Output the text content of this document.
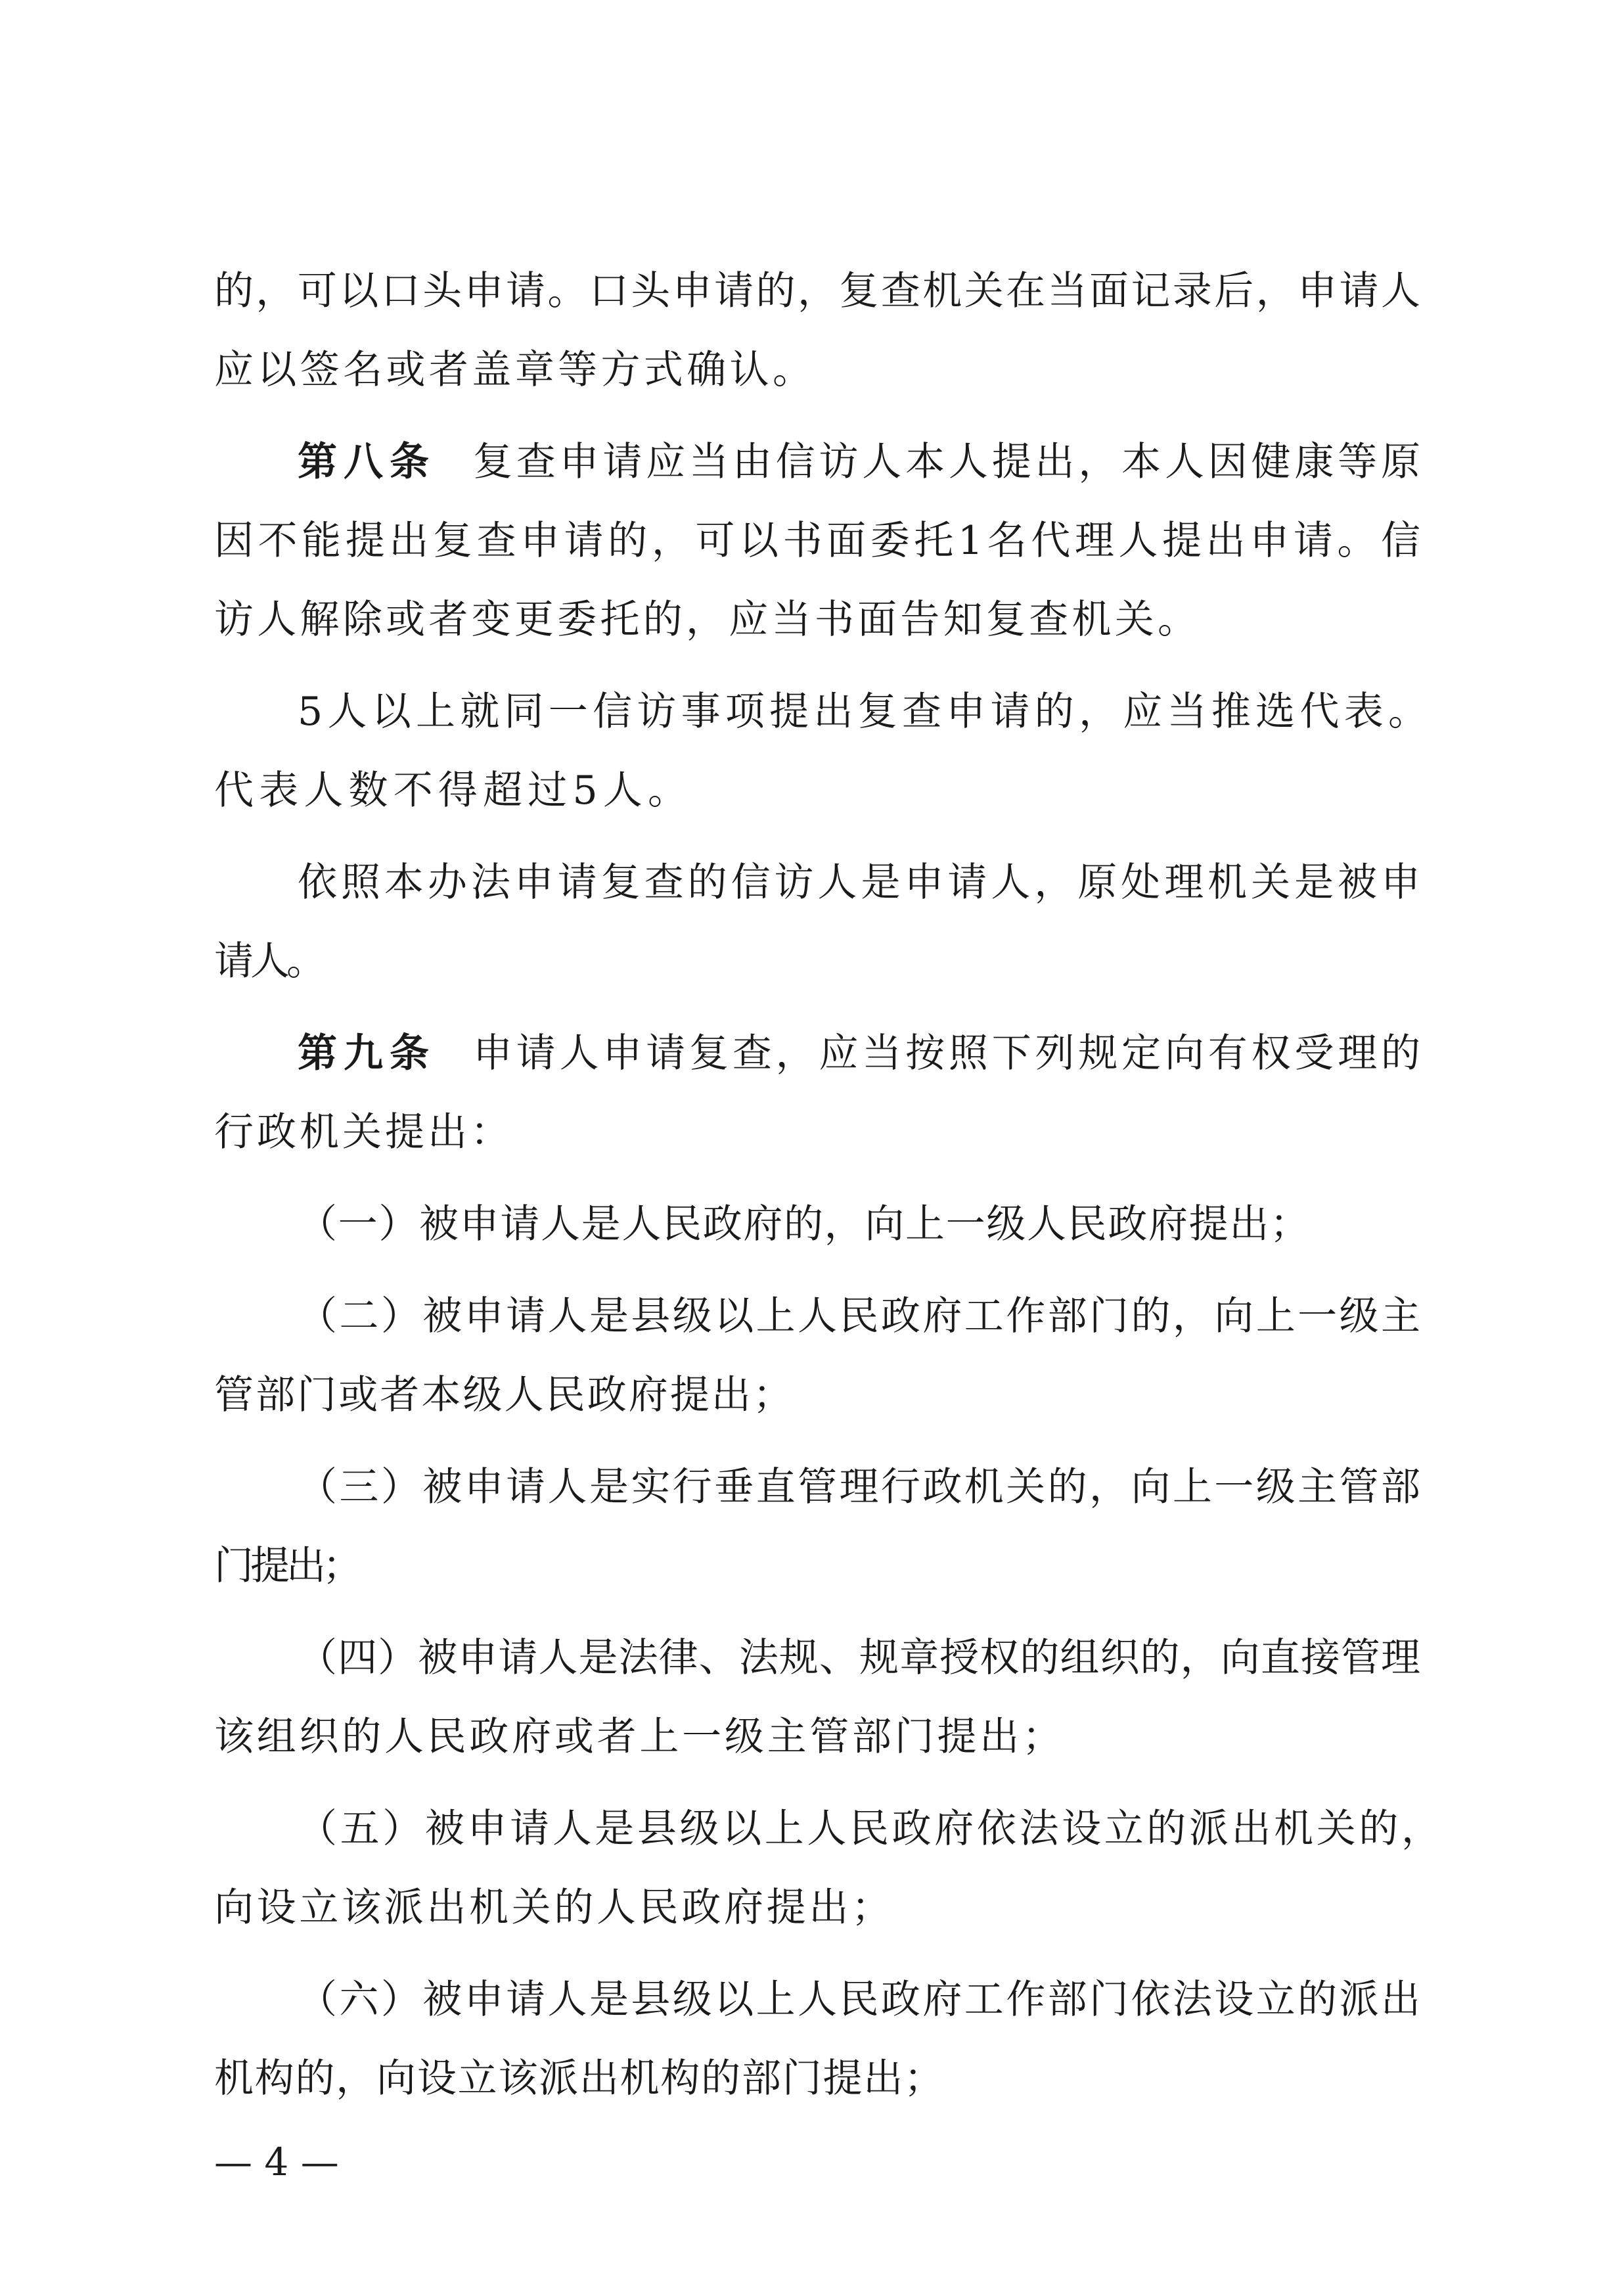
的，可以口头申请。口头申请的，复查机关在当面记录后，申请人
应以签名或者盖章等方式确认。
第八条 复查申请应当由信访人本人提出，本人因健康等原
因不能提出复查申请的，可以书面委托1名代理人提出申请。信
访人解除或者变更委托的，应当书面告知复查机关。
5人以上就同一信访事项提出复查申请的，应当推选代表。
代表人数不得超过5人。
依照本办法申请复查的信访人是申请人，原处理机关是被申
请人。
第九条 申请人申请复查，应当按照下列规定向有权受理的
行政机关提出：
（一）被申请人是人民政府的，向上一级人民政府提出；
（二）被申请人是县级以上人民政府工作部门的，向上一级主
管部门或者本级人民政府提出；
（三）被申请人是实行垂直管理行政机关的，向上一级主管部
门提出；
（四）被申请人是法律、法规、规章授权的组织的，向直接管理
该组织的人民政府或者上一级主管部门提出；
（五）被申请人是县级以上人民政府依法设立的派出机关的，
向设立该派出机关的人民政府提出；
（六）被申请人是县级以上人民政府工作部门依法设立的派出
机构的，向设立该派出机构的部门提出；
— 4 —
